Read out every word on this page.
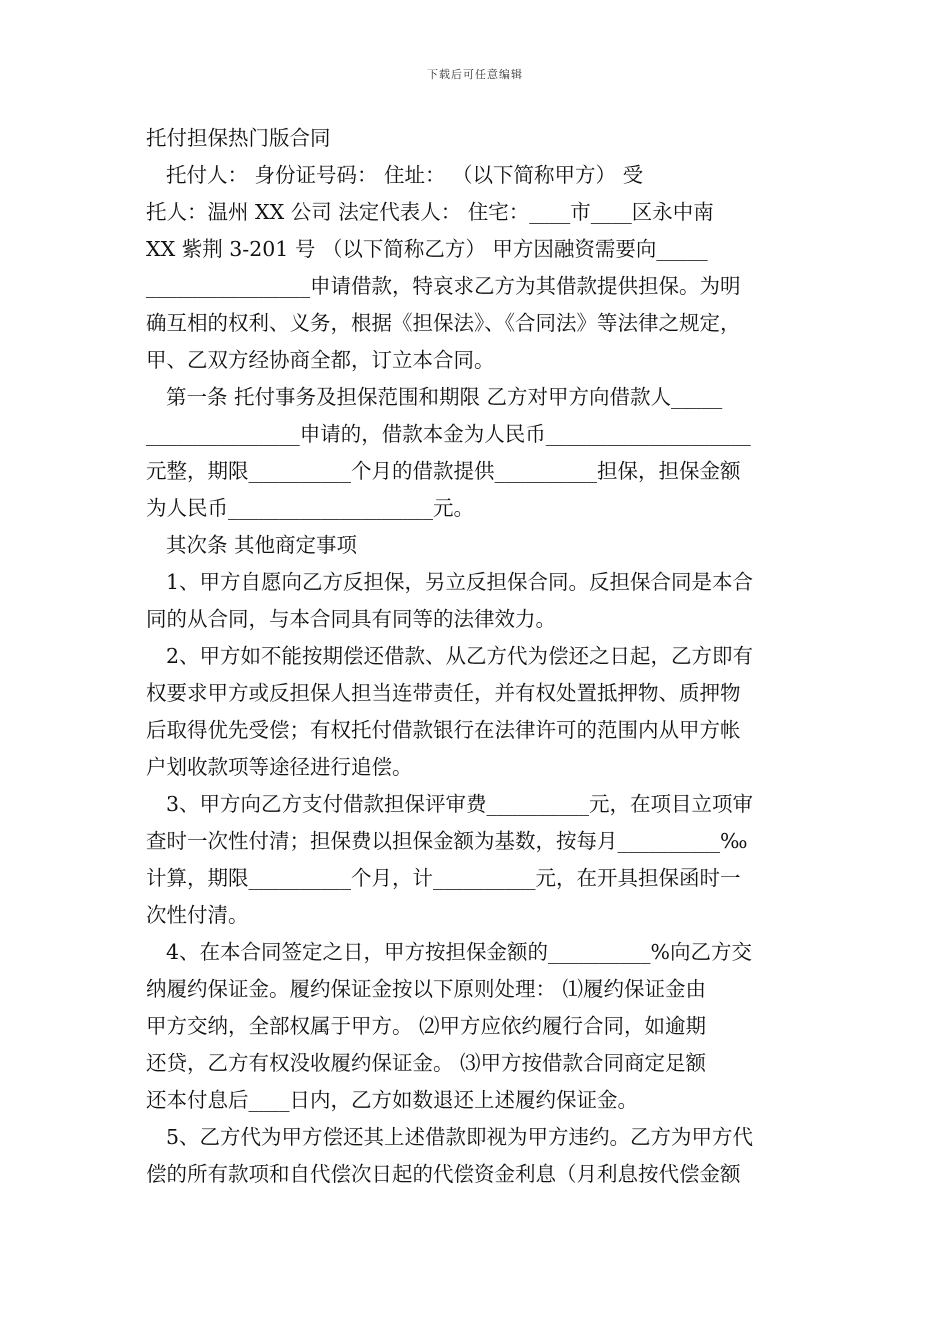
下载后可任意编辑

托付担保热门版合同

托付人： 身份证号码： 住址： （以下简称甲方） 受

托人：温州 XX 公司 法定代表人： 住宅：____市____区永中南

XX 紫荆 3-201 号 （以下简称乙方） 甲方因融资需要向_____

________________申请借款，特哀求乙方为其借款提供担保。为明

确互相的权利、义务，根据《担保法》、《合同法》等法律之规定，

甲、乙双方经协商全都，订立本合同。

第一条 托付事务及担保范围和期限 乙方对甲方向借款人_____

_______________申请的，借款本金为人民币____________________

元整，期限__________个月的借款提供__________担保，担保金额

为人民币____________________元。

其次条 其他商定事项

1、甲方自愿向乙方反担保，另立反担保合同。反担保合同是本合

同的从合同，与本合同具有同等的法律效力。

2、甲方如不能按期偿还借款、从乙方代为偿还之日起，乙方即有

权要求甲方或反担保人担当连带责任，并有权处置抵押物、质押物

后取得优先受偿；有权托付借款银行在法律许可的范围内从甲方帐

户划收款项等途径进行追偿。

3、甲方向乙方支付借款担保评审费__________元，在项目立项审

查时一次性付清；担保费以担保金额为基数，按每月__________‰

计算，期限__________个月，计__________元，在开具担保函时一

次性付清。

4、在本合同签定之日，甲方按担保金额的__________%向乙方交

纳履约保证金。履约保证金按以下原则处理： ⑴履约保证金由

甲方交纳，全部权属于甲方。 ⑵甲方应依约履行合同，如逾期

还贷，乙方有权没收履约保证金。 ⑶甲方按借款合同商定足额

还本付息后____日内，乙方如数退还上述履约保证金。

5、乙方代为甲方偿还其上述借款即视为甲方违约。乙方为甲方代

偿的所有款项和自代偿次日起的代偿资金利息（月利息按代偿金额
